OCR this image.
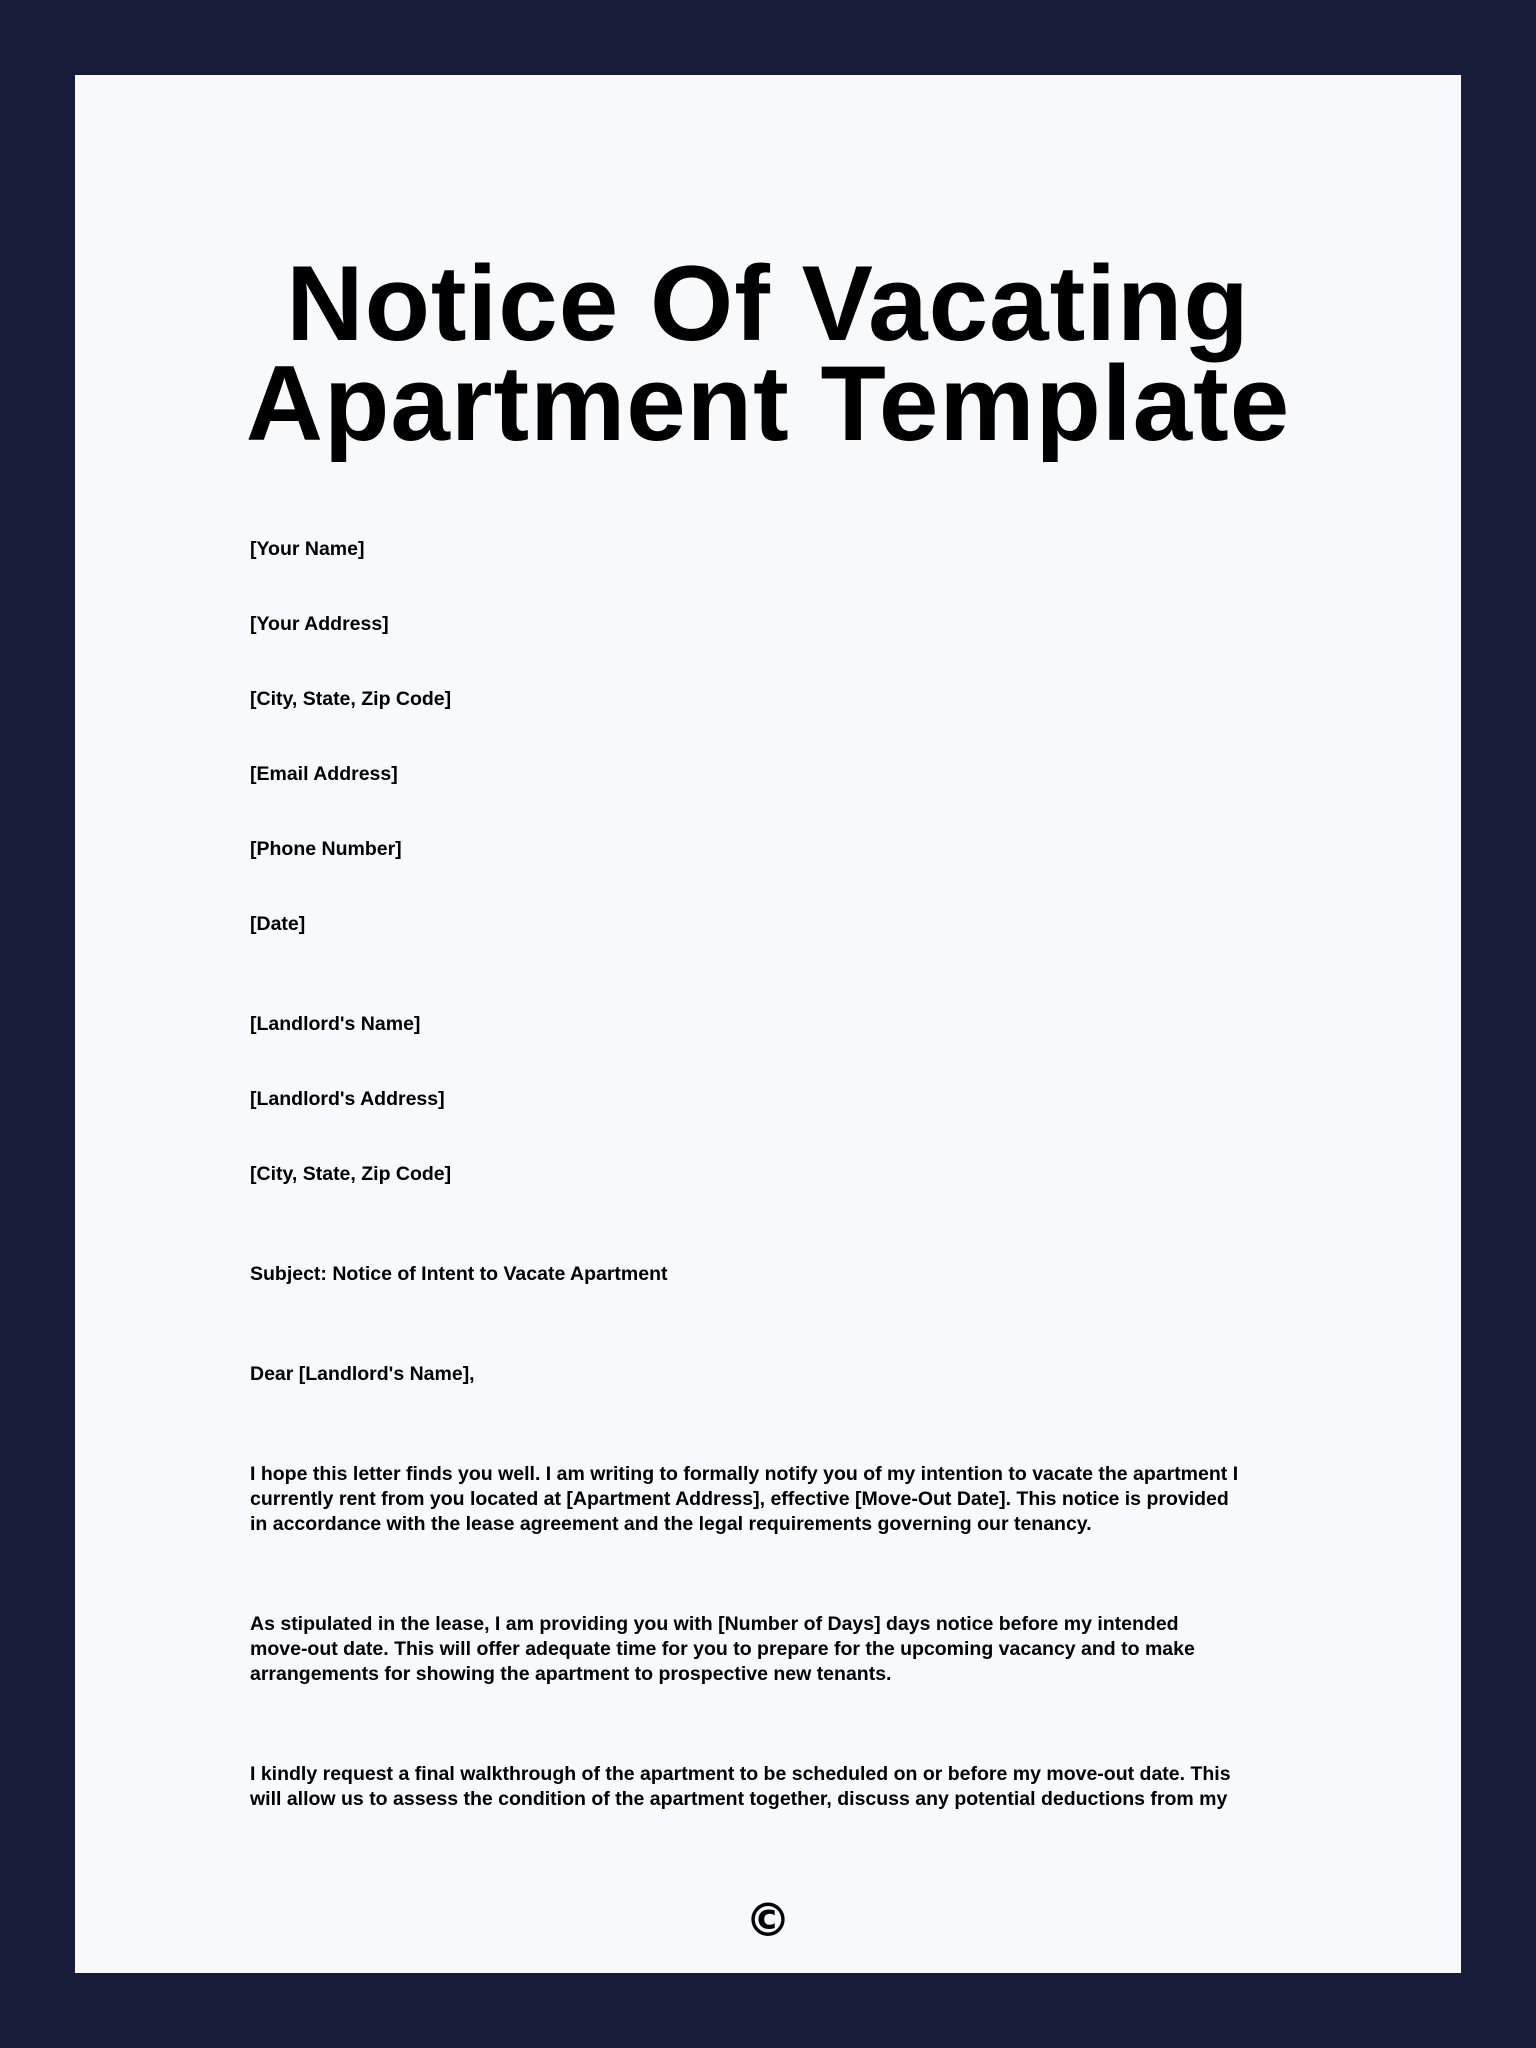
Notice Of Vacating
Apartment Template

[Your Name]

[Your Address]

[City, State, Zip Code]

[Email Address]

[Phone Number]

[Date]

[Landlord's Name]

[Landlord's Address]

[City, State, Zip Code]

Subject: Notice of Intent to Vacate Apartment

Dear [Landlord's Name],

I hope this letter finds you well. I am writing to formally notify you of my intention to vacate the apartment I
currently rent from you located at [Apartment Address], effective [Move-Out Date]. This notice is provided
in accordance with the lease agreement and the legal requirements governing our tenancy.

As stipulated in the lease, I am providing you with [Number of Days] days notice before my intended
move-out date. This will offer adequate time for you to prepare for the upcoming vacancy and to make
arrangements for showing the apartment to prospective new tenants.

I kindly request a final walkthrough of the apartment to be scheduled on or before my move-out date. This
will allow us to assess the condition of the apartment together, discuss any potential deductions from my

©
